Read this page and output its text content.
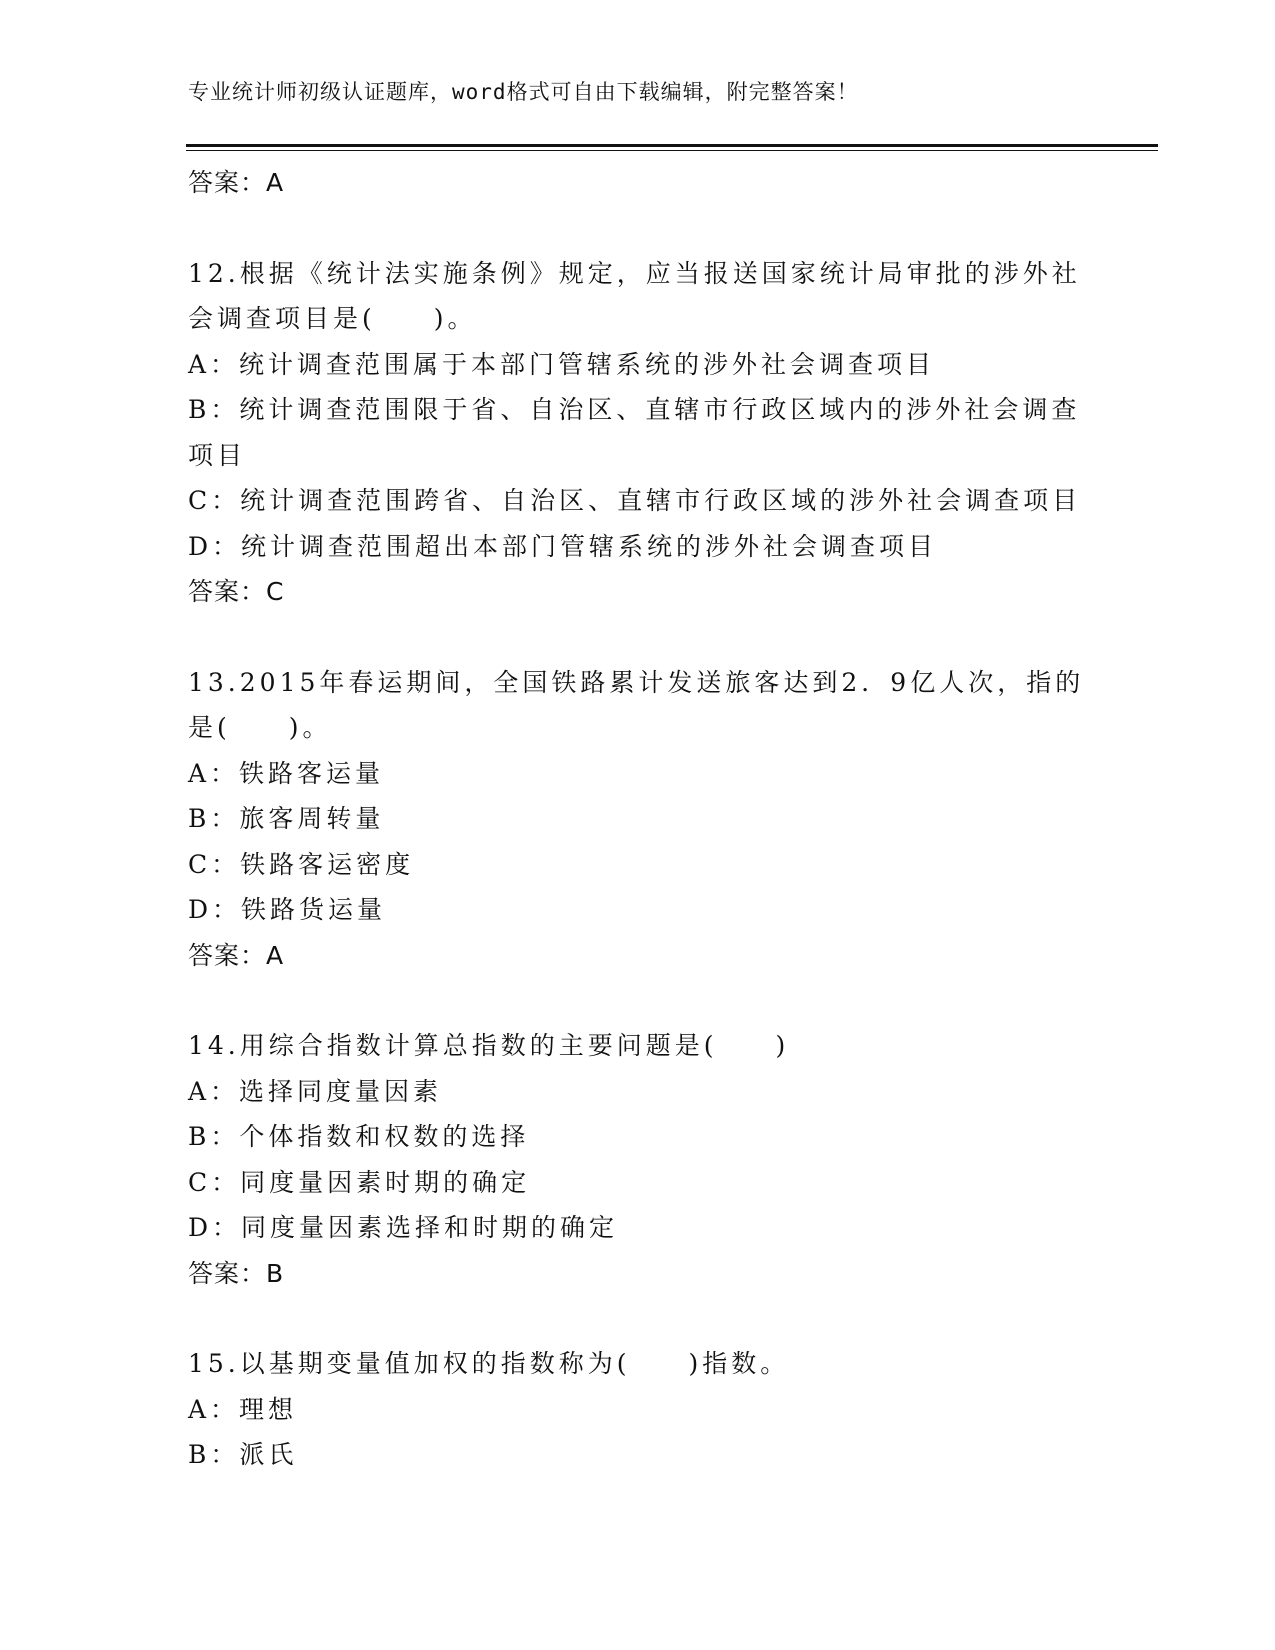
专业统计师初级认证题库，word格式可自由下载编辑，附完整答案！
答案：A
12.根据《统计法实施条例》规定，应当报送国家统计局审批的涉外社
会调查项目是(　　)。
A：统计调查范围属于本部门管辖系统的涉外社会调查项目
B：统计调查范围限于省、自治区、直辖市行政区域内的涉外社会调查
项目
C：统计调查范围跨省、自治区、直辖市行政区域的涉外社会调查项目
D：统计调查范围超出本部门管辖系统的涉外社会调查项目
答案：C
13.2015年春运期间，全国铁路累计发送旅客达到2．9亿人次，指的
是(　　)。
A：铁路客运量
B：旅客周转量
C：铁路客运密度
D：铁路货运量
答案：A
14.用综合指数计算总指数的主要问题是(　　)
A：选择同度量因素
B：个体指数和权数的选择
C：同度量因素时期的确定
D：同度量因素选择和时期的确定
答案：B
15.以基期变量值加权的指数称为(　　)指数。
A：理想
B：派氏
